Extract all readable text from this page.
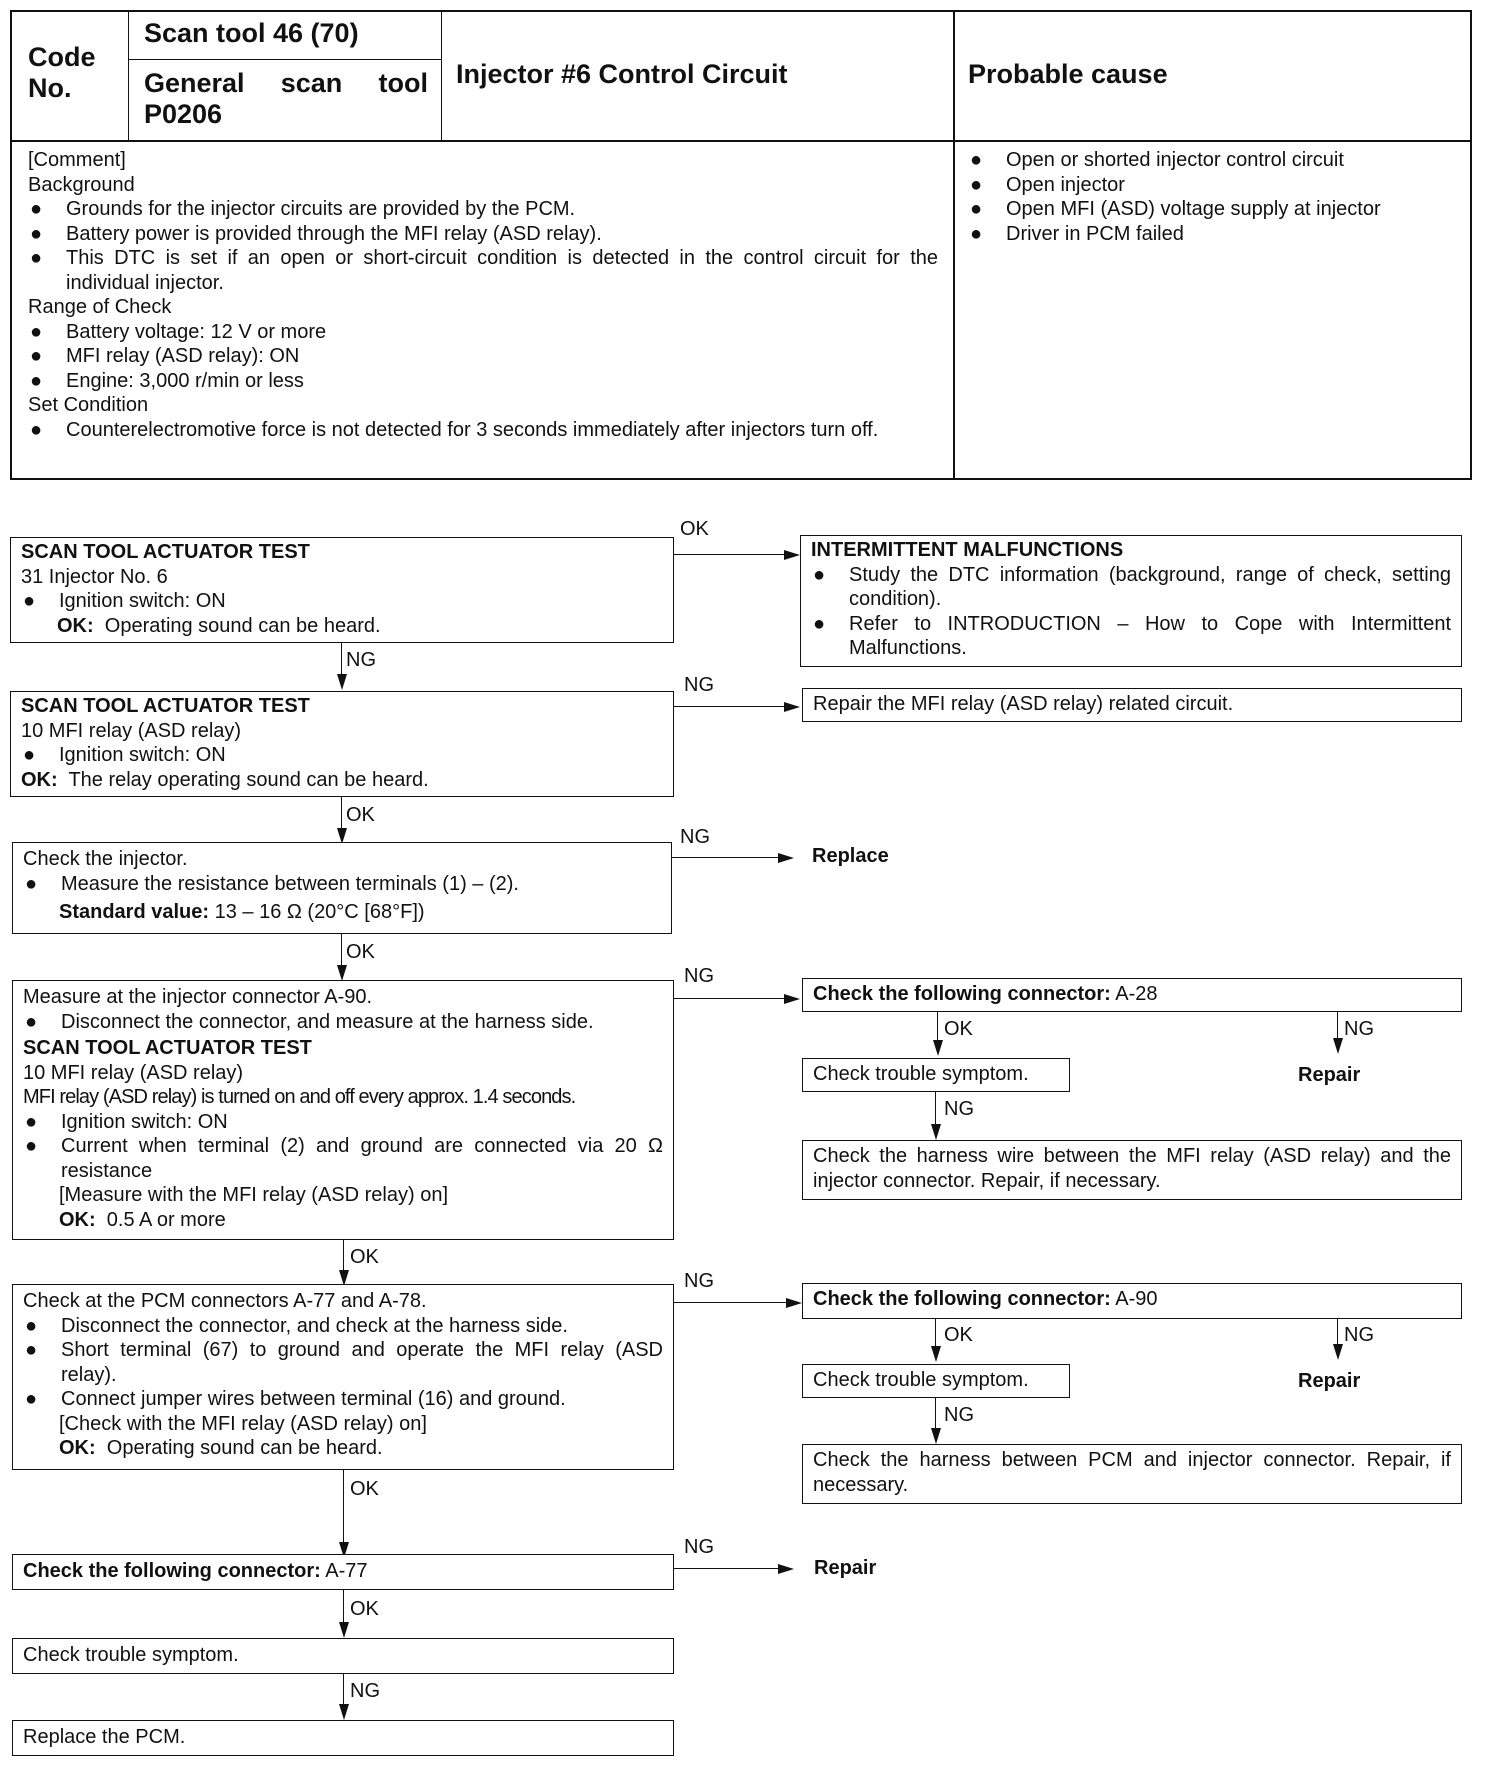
Code No.
Scan tool 46 (70)
General scan tool
P0206
Injector #6 Control Circuit	Probable cause
[Comment]
Background
●	Grounds for the injector circuits are provided by the PCM.
●	Battery power is provided through the MFI relay (ASD relay).
●	This DTC is set if an open or short-circuit condition is detected in the control circuit for the individual injector.
Range of Check
●	Battery voltage: 12 V or more
●	MFI relay (ASD relay): ON
●	Engine: 3,000 r/min or less
Set Condition
●	Counterelectromotive force is not detected for 3 seconds immediately after injectors turn off.
●	Open or shorted injector control circuit
●	Open injector
●	Open MFI (ASD) voltage supply at injector
●	Driver in PCM failed
SCAN TOOL ACTUATOR TEST
31 Injector No. 6
●	Ignition switch: ON
OK: Operating sound can be heard.
OK
INTERMITTENT MALFUNCTIONS
●	Study the DTC information (background, range of check, setting condition).
●	Refer to INTRODUCTION – How to Cope with Intermittent Malfunctions.
NG
SCAN TOOL ACTUATOR TEST
10 MFI relay (ASD relay)
●	Ignition switch: ON
OK: The relay operating sound can be heard.
NG
Repair the MFI relay (ASD relay) related circuit.
OK
Check the injector.
●	Measure the resistance between terminals (1) – (2).
Standard value: 13 – 16 Ω (20°C [68°F])
NG
Replace
OK
Measure at the injector connector A-90.
●	Disconnect the connector, and measure at the harness side.
SCAN TOOL ACTUATOR TEST
10 MFI relay (ASD relay)
MFI relay (ASD relay) is turned on and off every approx. 1.4 seconds.
●	Ignition switch: ON
●	Current when terminal (2) and ground are connected via 20 Ω resistance
[Measure with the MFI relay (ASD relay) on]
OK: 0.5 A or more
NG
Check the following connector: A-28
OK	NG
Repair
Check trouble symptom.
NG
Check the harness wire between the MFI relay (ASD relay) and the injector connector. Repair, if necessary.
OK
Check at the PCM connectors A-77 and A-78.
●	Disconnect the connector, and check at the harness side.
●	Short terminal (67) to ground and operate the MFI relay (ASD relay).
●	Connect jumper wires between terminal (16) and ground.
[Check with the MFI relay (ASD relay) on]
OK: Operating sound can be heard.
NG
Check the following connector: A-90
OK	NG
Repair
Check trouble symptom.
NG
Check the harness between PCM and injector connector. Repair, if necessary.
OK
Check the following connector: A-77
NG
Repair
OK
Check trouble symptom.
NG
Replace the PCM.
